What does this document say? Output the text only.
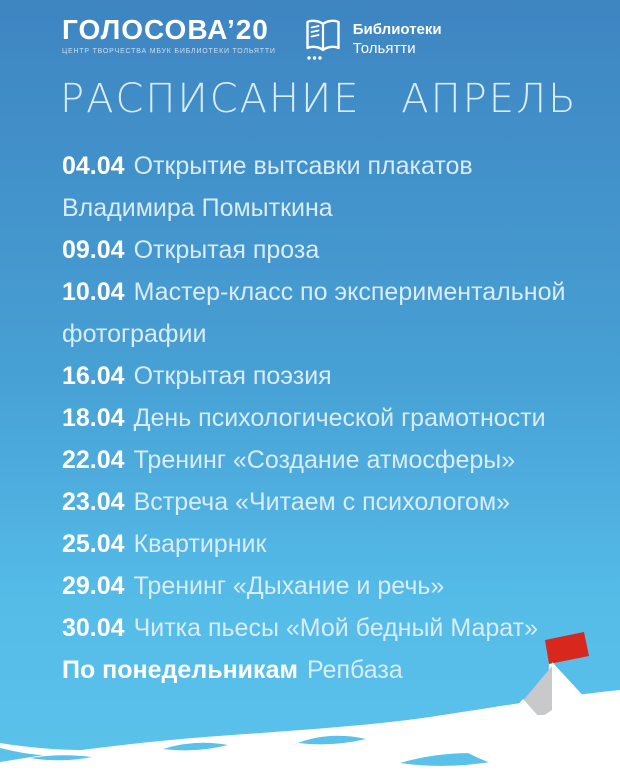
ГОЛОСОВА’20
ЦЕНТР ТВОРЧЕСТВА МБУК БИБЛИОТЕКИ ТОЛЬЯТТИ
Библиотеки
Тольятти
РАСПИСАНИЕ АПРЕЛЬ

04.04 Открытие вытсавки плакатов Владимира Помыткина

09.04 Открытая проза

10.04 Мастер-класс по экспериментальной фотографии

16.04 Открытая поэзия

18.04 День психологической грамотности

22.04 Тренинг «Создание атмосферы»

23.04 Встреча «Читаем с психологом»

25.04 Квартирник

29.04 Тренинг «Дыхание и речь»

30.04 Читка пьесы «Мой бедный Марат»

По понедельникам Репбаза
